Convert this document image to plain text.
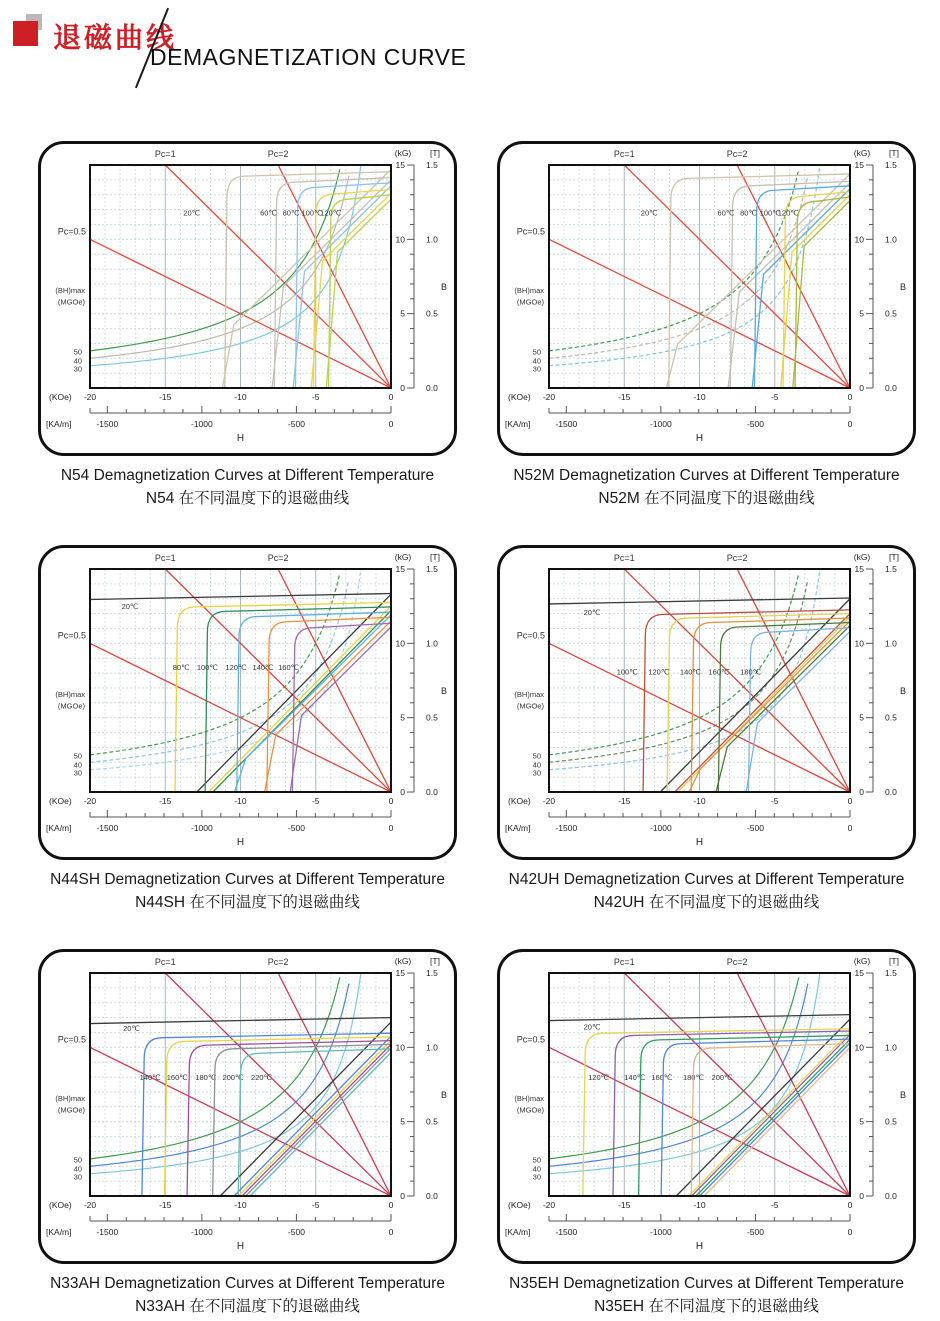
退磁曲线
DEMAGNETIZATION CURVE
20℃	60℃ 80℃ 100℃
120℃
Pc=1	Pc=2
Pc=0.5
(BH)max
(MGOe)
50
40
30
(KOe) -20	-15	-10	-5	0
[KA/m]	-1500	-1000	-500	0
H
(kG) [T]
15
10
5
0
1.5
1.0
0.5
0.0
B
N54 Demagnetization Curves at Different Temperature
N54 在不同温度下的退磁曲线
20℃	60℃ 80℃ 100℃
120℃
Pc=1	Pc=2
Pc=0.5
(BH)max
(MGOe)
50
40
30
(KOe) -20	-15	-10	-5	0
[KA/m]	-1500	-1000	-500	0
H
(kG) [T]
15
10
5
0
1.5
1.0
0.5
0.0
B
N52M Demagnetization Curves at Different Temperature
N52M 在不同温度下的退磁曲线
20℃
80℃ 100℃ 120℃ 140℃ 160℃
Pc=1	Pc=2
Pc=0.5
(BH)max
(MGOe)
50
40
30
(KOe) -20	-15	-10	-5	0
[KA/m]	-1500	-1000	-500	0
H
(kG) [T]
15
10
5
0
1.5
1.0
0.5
0.0
B
N44SH Demagnetization Curves at Different Temperature
N44SH 在不同温度下的退磁曲线
20℃
100℃ 120℃ 140℃ 160℃ 180℃
Pc=1	Pc=2
Pc=0.5
(BH)max
(MGOe)
50
40
30
(KOe) -20	-15	-10	-5	0
[KA/m]	-1500	-1000	-500	0
H
(kG) [T]
15
10
5
0
1.5
1.0
0.5
0.0
B
N42UH Demagnetization Curves at Different Temperature
N42UH 在不同温度下的退磁曲线
20℃
140℃ 160℃ 180℃ 200℃ 220℃
Pc=1	Pc=2
Pc=0.5
(BH)max
(MGOe)
50
40
30
(KOe) -20	-15	-10	-5	0
[KA/m]	-1500	-1000	-500	0
H
(kG) [T]
15
10
5
0
1.5
1.0
0.5
0.0
B
N33AH Demagnetization Curves at Different Temperature
N33AH 在不同温度下的退磁曲线
20℃
120℃ 140℃ 160℃ 180℃ 200℃
Pc=1	Pc=2
Pc=0.5
(BH)max
(MGOe)
50
40
30
(KOe) -20	-15	-10	-5	0
[KA/m]	-1500	-1000	-500	0
H
(kG) [T]
15
10
5
0
1.5
1.0
0.5
0.0
B
N35EH Demagnetization Curves at Different Temperature
N35EH 在不同温度下的退磁曲线
